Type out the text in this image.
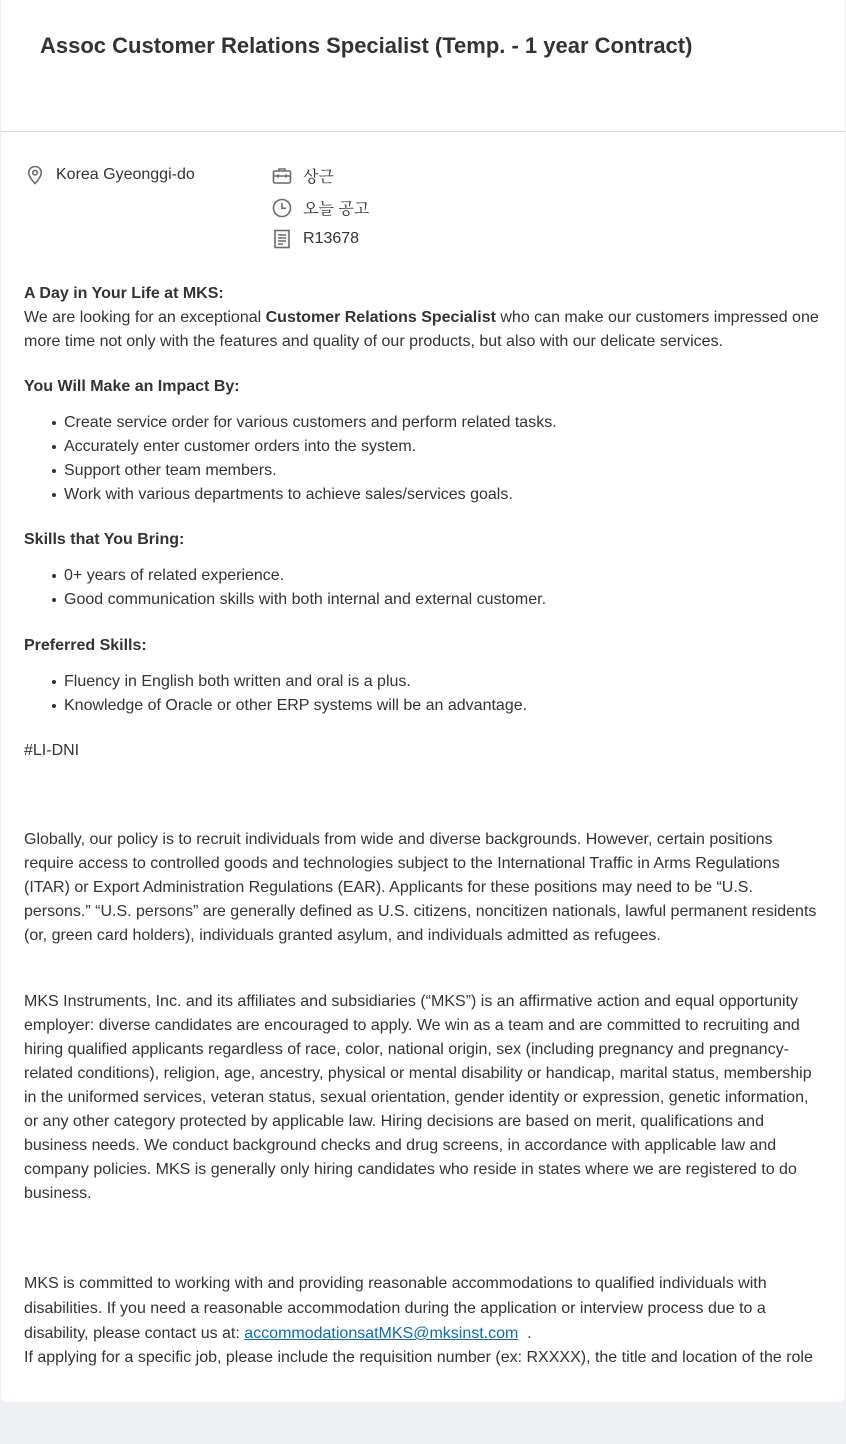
Assoc Customer Relations Specialist (Temp. - 1 year Contract)
Korea Gyeonggi-do	상근
오늘 공고
R13678

A Day in Your Life at MKS:

We are looking for an exceptional Customer Relations Specialist who can make our customers impressed one more time not only with the features and quality of our products, but also with our delicate services.

You Will Make an Impact By:

Create service order for various customers and perform related tasks.
Accurately enter customer orders into the system.
Support other team members.
Work with various departments to achieve sales/services goals.

Skills that You Bring:

0+ years of related experience.
Good communication skills with both internal and external customer.

Preferred Skills:

Fluency in English both written and oral is a plus.
Knowledge of Oracle or other ERP systems will be an advantage.

#LI-DNI

Globally, our policy is to recruit individuals from wide and diverse backgrounds. However, certain positions require access to controlled goods and technologies subject to the International Traffic in Arms Regulations (ITAR) or Export Administration Regulations (EAR). Applicants for these positions may need to be “U.S. persons.” “U.S. persons” are generally defined as U.S. citizens, noncitizen nationals, lawful permanent residents (or, green card holders), individuals granted asylum, and individuals admitted as refugees.

MKS Instruments, Inc. and its affiliates and subsidiaries (“MKS”) is an affirmative action and equal opportunity employer: diverse candidates are encouraged to apply. We win as a team and are committed to recruiting and hiring qualified applicants regardless of race, color, national origin, sex (including pregnancy and pregnancy-related conditions), religion, age, ancestry, physical or mental disability or handicap, marital status, membership in the uniformed services, veteran status, sexual orientation, gender identity or expression, genetic information, or any other category protected by applicable law. Hiring decisions are based on merit, qualifications and business needs. We conduct background checks and drug screens, in accordance with applicable law and company policies. MKS is generally only hiring candidates who reside in states where we are registered to do business.

MKS is committed to working with and providing reasonable accommodations to qualified individuals with disabilities. If you need a reasonable accommodation during the application or interview process due to a disability, please contact us at: accommodationsatMKS@mksinst.com .

If applying for a specific job, please include the requisition number (ex: RXXXX), the title and location of the role
